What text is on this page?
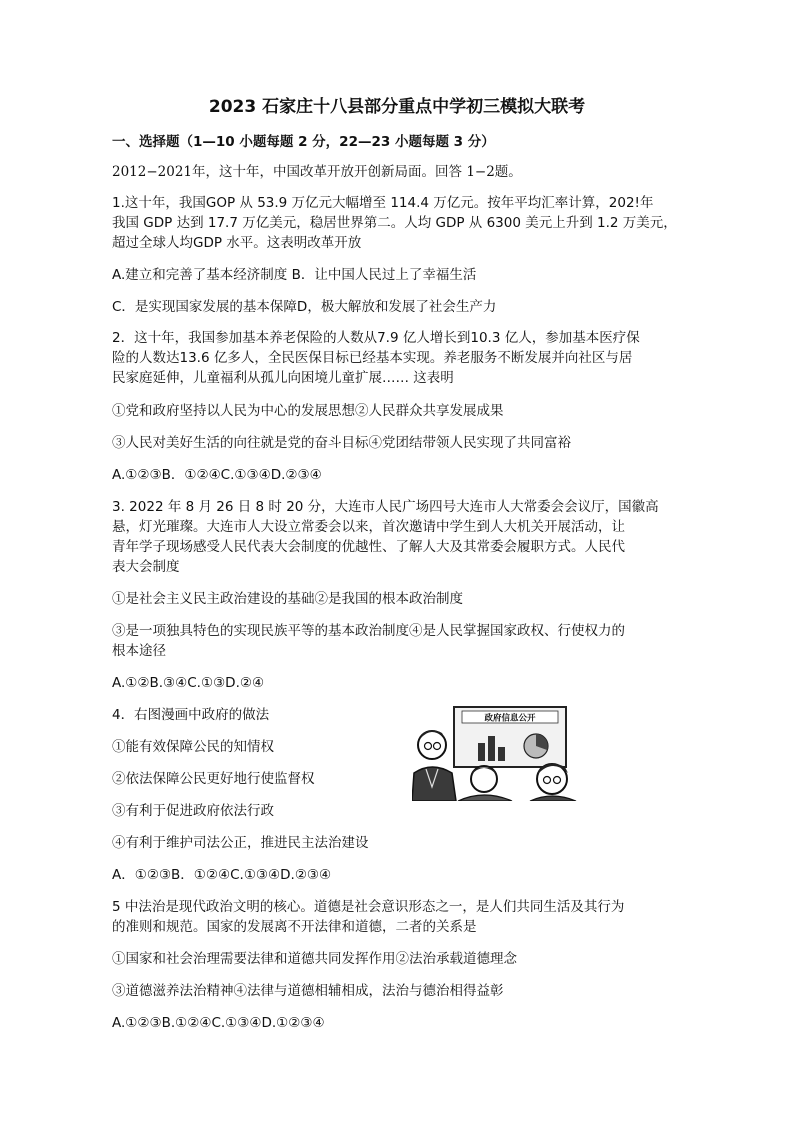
2023 石家庄十八县部分重点中学初三模拟大联考
一、选择题（1—10 小题每题 2 分，22—23 小题每题 3 分）
2012−2021年，这十年，中国改革开放开创新局面。回答 1−2题。
1.这十年，我国GOP 从 53.9 万亿元大幅增至 114.4 万亿元。按年平均汇率计算，202!年
我国 GDP 达到 17.7 万亿美元，稳居世界第二。人均 GDP 从 6300 美元上升到 1.2 万美元，
超过全球人均GDP 水平。这表明改革开放
A.建立和完善了基本经济制度 B．让中国人民过上了幸福生活
C．是实现国家发展的基本保障D，极大解放和发展了社会生产力
2．这十年，我国参加基本养老保险的人数从7.9 亿人增长到10.3 亿人，参加基本医疗保
险的人数达13.6 亿多人，全民医保目标已经基本实现。养老服务不断发展并向社区与居
民家庭延伸，儿童福利从孤儿向困境儿童扩展…… 这表明
①党和政府坚持以人民为中心的发展思想②人民群众共享发展成果
③人民对美好生活的向往就是党的奋斗目标④党团结带领人民实现了共同富裕
A.①②③B．①②④C.①③④D.②③④
3. 2022 年 8 月 26 日 8 时 20 分，大连市人民广场四号大连市人大常委会会议厅，国徽高
悬，灯光璀璨。大连市人大设立常委会以来，首次邀请中学生到人大机关开展活动，让
青年学子现场感受人民代表大会制度的优越性、了解人大及其常委会履职方式。人民代
表大会制度
①是社会主义民主政治建设的基础②是我国的根本政治制度
③是一项独具特色的实现民族平等的基本政治制度④是人民掌握国家政权、行使权力的
根本途径
A.①②B.③④C.①③D.②④
4．右图漫画中政府的做法
①能有效保障公民的知情权
②依法保障公民更好地行使监督权
③有利于促进政府依法行政
④有利于维护司法公正，推进民主法治建设
A．①②③B．①②④C.①③④D.②③④
政府信息公开
5 中法治是现代政治文明的核心。道德是社会意识形态之一，是人们共同生活及其行为
的准则和规范。国家的发展离不开法律和道德，二者的关系是
①国家和社会治理需要法律和道德共同发挥作用②法治承载道德理念
③道德滋养法治精神④法律与道德相辅相成，法治与德治相得益彰
A.①②③B.①②④C.①③④D.①②③④
